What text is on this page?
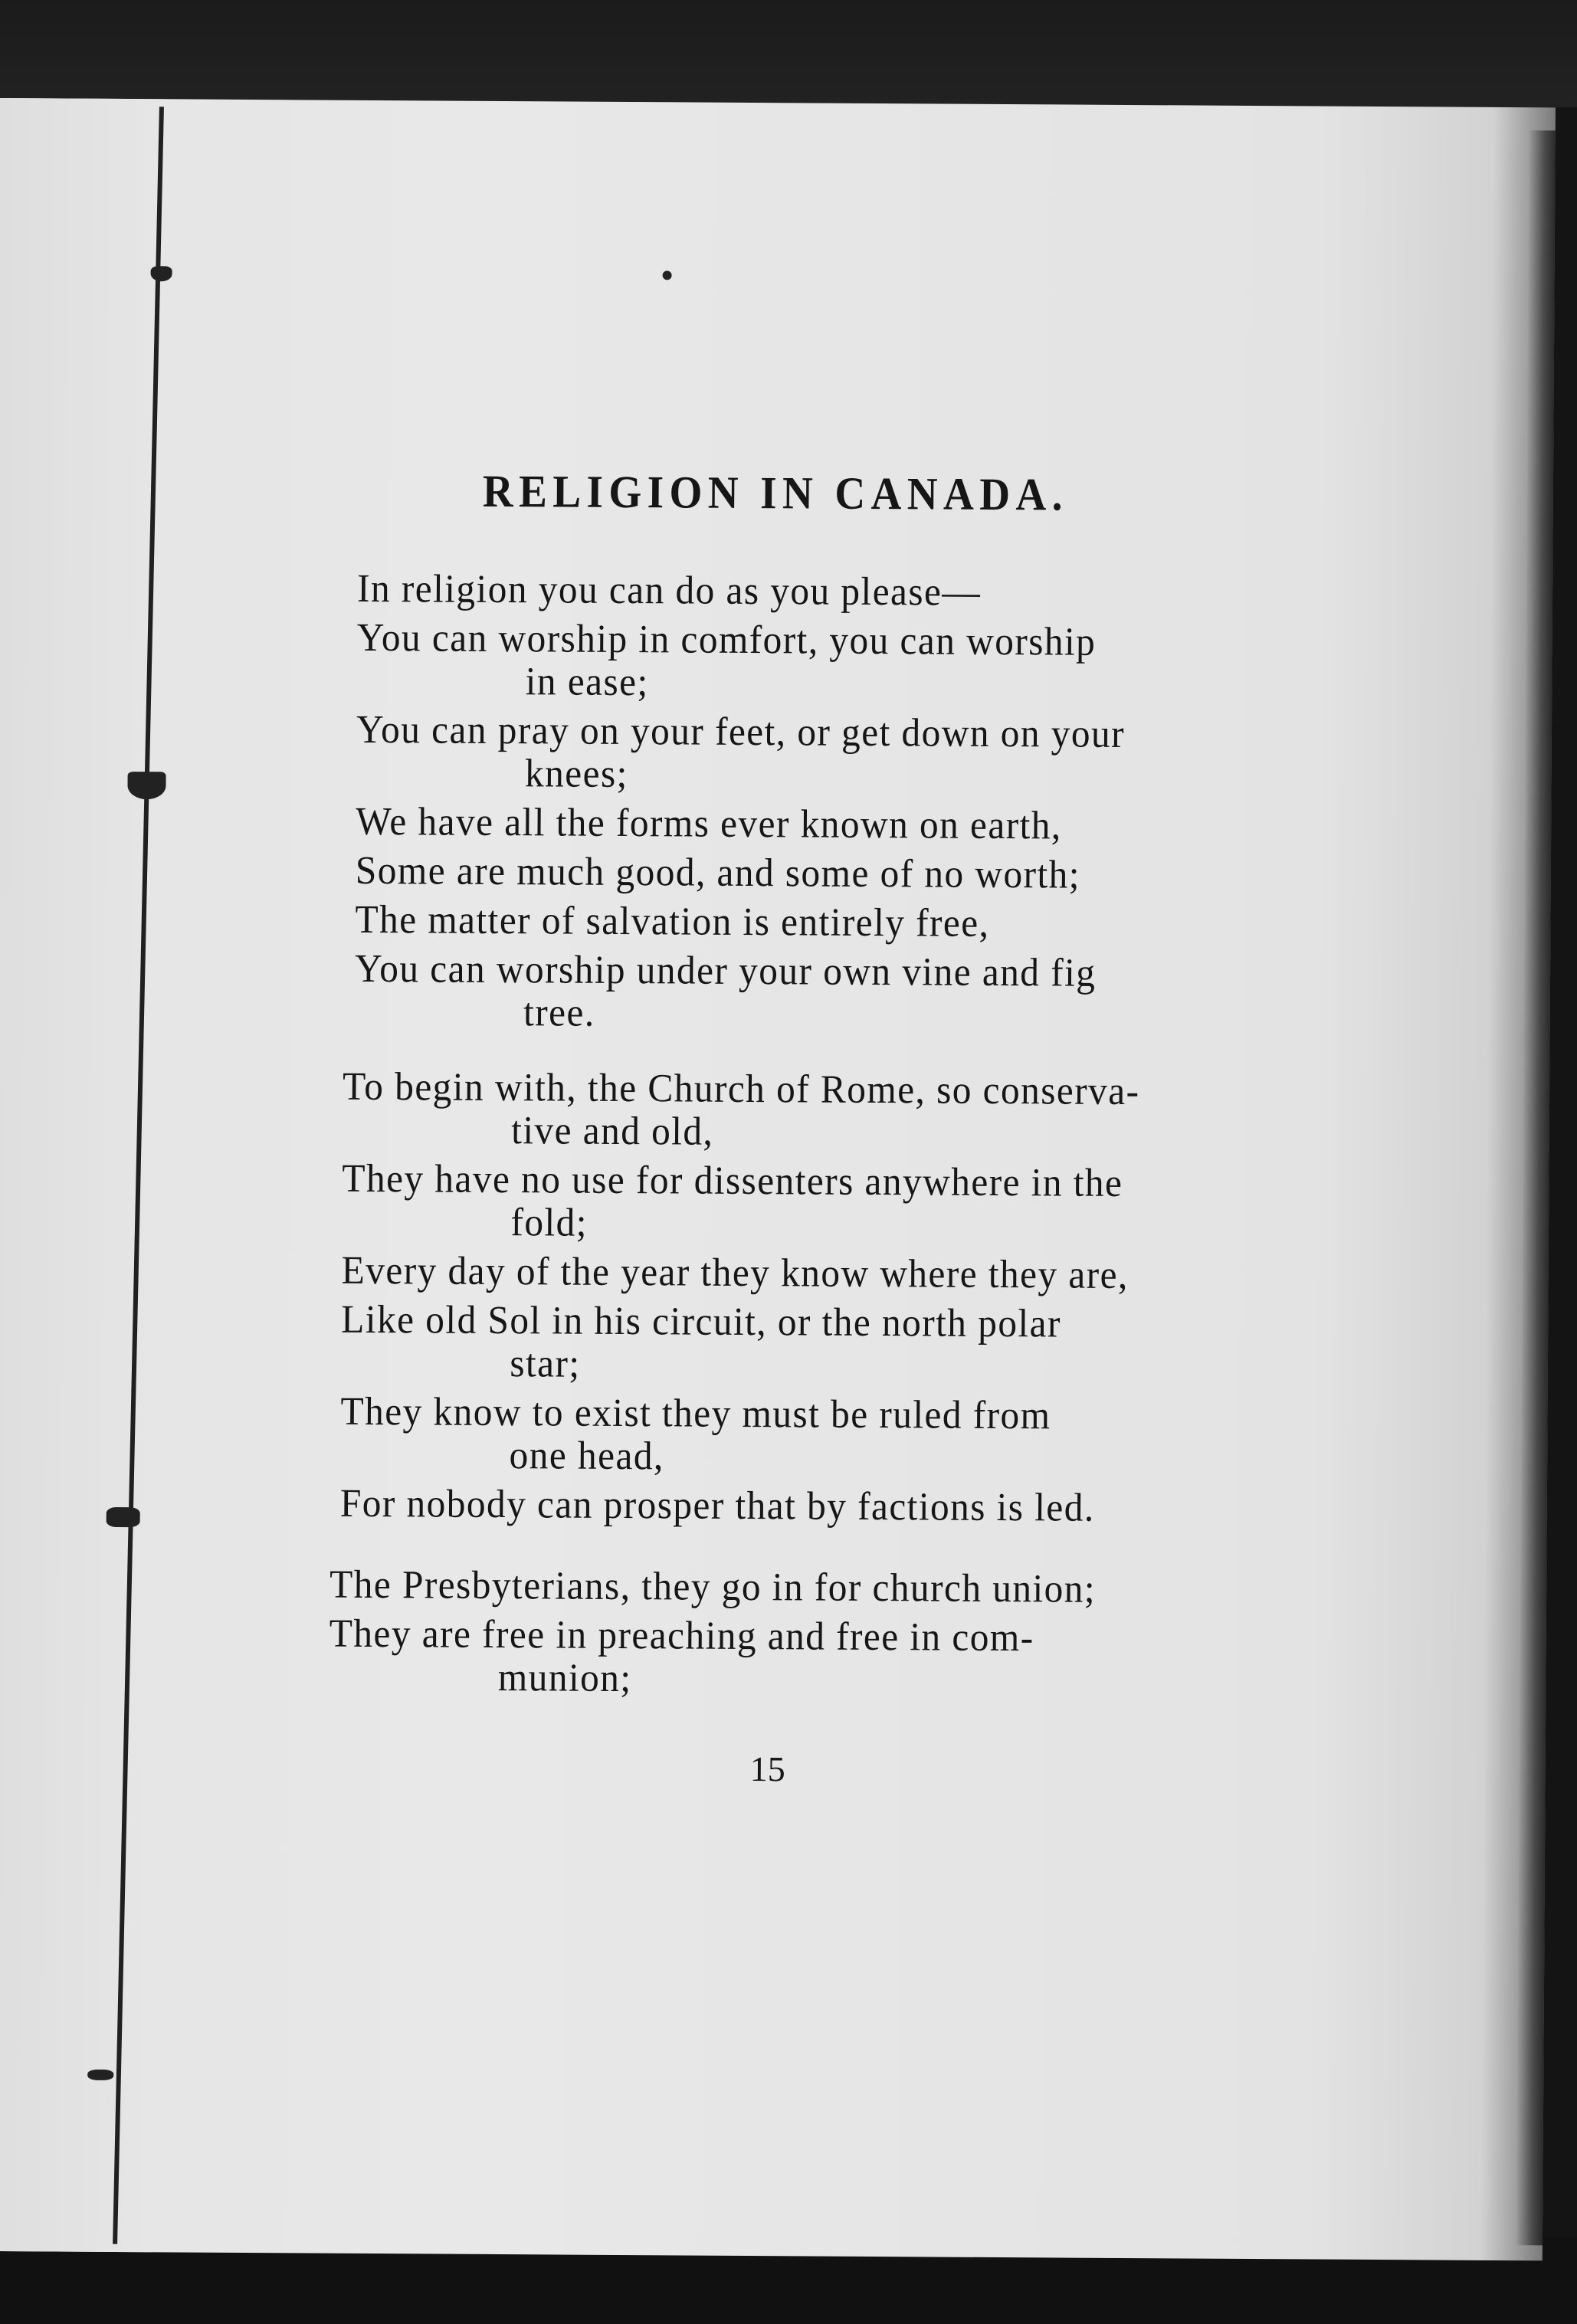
RELIGION IN CANADA.

In religion you can do as you please—

You can worship in comfort, you can worship
in ease;

You can pray on your feet, or get down on your
knees;

We have all the forms ever known on earth,

Some are much good, and some of no worth;

The matter of salvation is entirely free,

You can worship under your own vine and fig
tree.

To begin with, the Church of Rome, so conserva-
tive and old,

They have no use for dissenters anywhere in the
fold;

Every day of the year they know where they are,

Like old Sol in his circuit, or the north polar
star;

They know to exist they must be ruled from
one head,

For nobody can prosper that by factions is led.

The Presbyterians, they go in for church union;

They are free in preaching and free in com-
munion;

15
